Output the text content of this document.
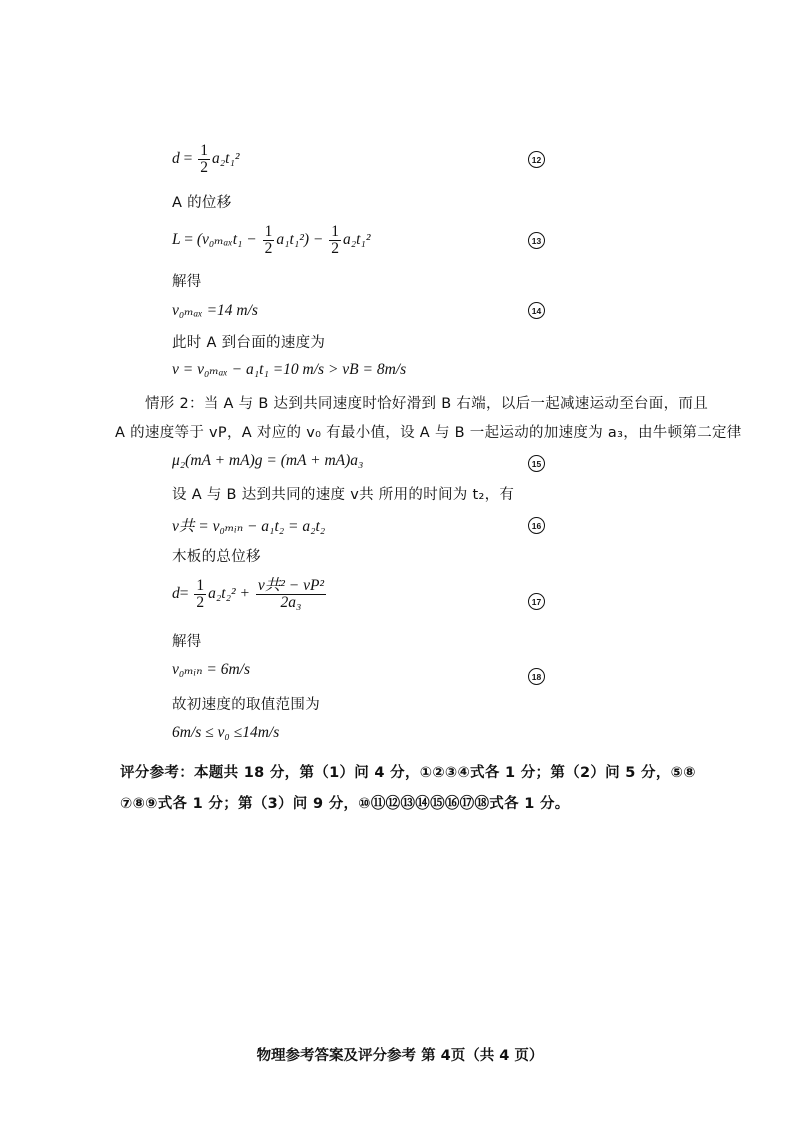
$d = \frac{1}{2} a_2t_1^2$	12
A 的位移
$L = (v_{0max}t_1 - \frac{1}{2} a_1t_1^2) - \frac{1}{2} a_2t_1^2$	13
解得
v₀ₘₐₓ =14 m/s	14
此时 A 到台面的速度为
v = v₀ₘₐₓ − a₁t₁ =10 m/s > vB = 8m/s
情形 2：当 A 与 B 达到共同速度时恰好滑到 B 右端，以后一起减速运动至台面，而且
A 的速度等于 vP，A 对应的 v₀ 有最小值，设 A 与 B 一起运动的加速度为 a₃，由牛顿第二定律
μ₂(mA + mA)g = (mA + mA)a₃	15
设 A 与 B 达到共同的速度 v共 所用的时间为 t₂，有
v共 = v₀ₘᵢₙ − a₁t₂ = a₂t₂	16
木板的总位移
$d= \frac{1}{2} a_2t_2^2 + \frac{\text{v共² − vP²}}{\text{2a₃}}$	17
解得
v₀ₘᵢₙ = 6m/s	18
故初速度的取值范围为
6m/s ≤ v₀ ≤14m/s
评分参考：本题共 18 分，第（1）问 4 分，①②③④式各 1 分；第（2）问 5 分，⑤⑧
⑦⑧⑨式各 1 分；第（3）问 9 分，⑩⑪⑫⑬⑭⑮⑯⑰⑱式各 1 分。
物理参考答案及评分参考 第 4页（共 4 页）
